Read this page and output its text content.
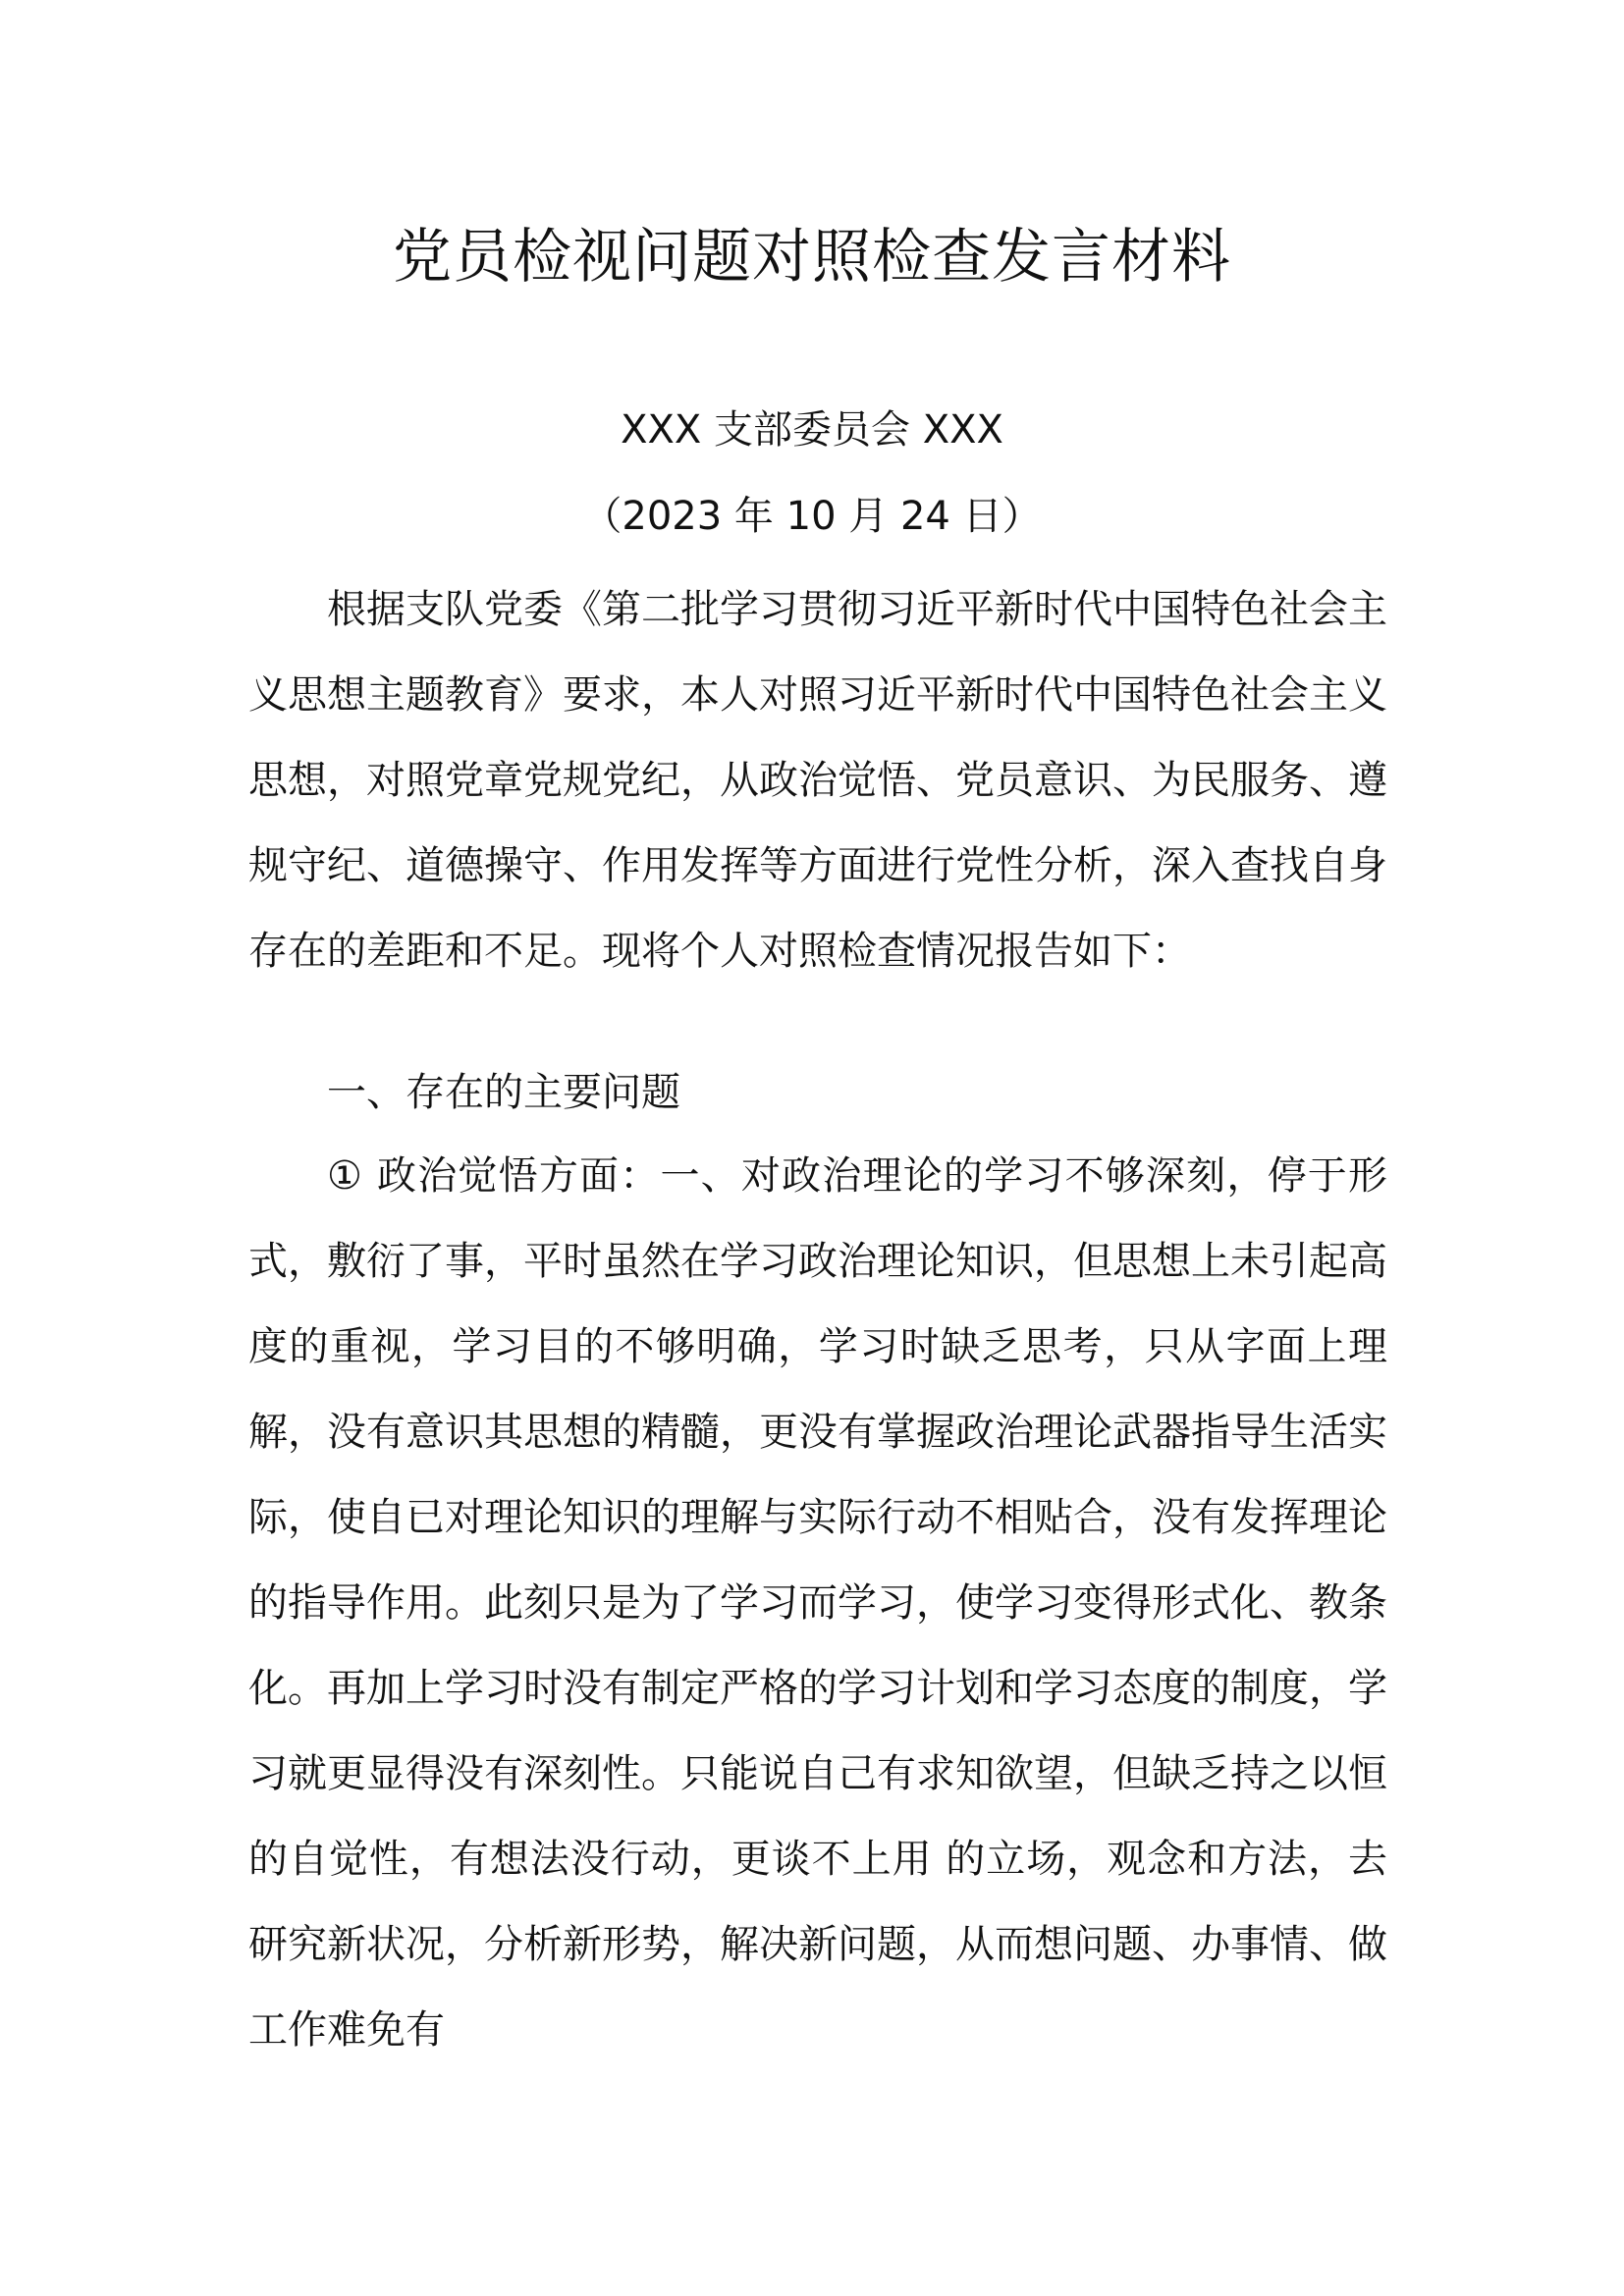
党员检视问题对照检查发言材料
XXX 支部委员会 XXX
（2023 年 10 月 24 日）
根据支队党委《第二批学习贯彻习近平新时代中国特色社会主义思想主题教育》要求，本人对照习近平新时代中国特色社会主义思想，对照党章党规党纪，从政治觉悟、党员意识、为民服务、遵规守纪、道德操守、作用发挥等方面进行党性分析，深入查找自身存在的差距和不足。现将个人对照检查情况报告如下：
一、存在的主要问题
① 政治觉悟方面：一、对政治理论的学习不够深刻，停于形式，敷衍了事，平时虽然在学习政治理论知识，但思想上未引起高度的重视，学习目的不够明确，学习时缺乏思考，只从字面上理解，没有意识其思想的精髓，更没有掌握政治理论武器指导生活实际，使自已对理论知识的理解与实际行动不相贴合，没有发挥理论的指导作用。此刻只是为了学习而学习，使学习变得形式化、教条化。再加上学习时没有制定严格的学习计划和学习态度的制度，学习就更显得没有深刻性。只能说自己有求知欲望，但缺乏持之以恒的自觉性，有想法没行动，更谈不上用 的立场，观念和方法，去研究新状况，分析新形势，解决新问题，从而想问题、办事情、做工作难免有
